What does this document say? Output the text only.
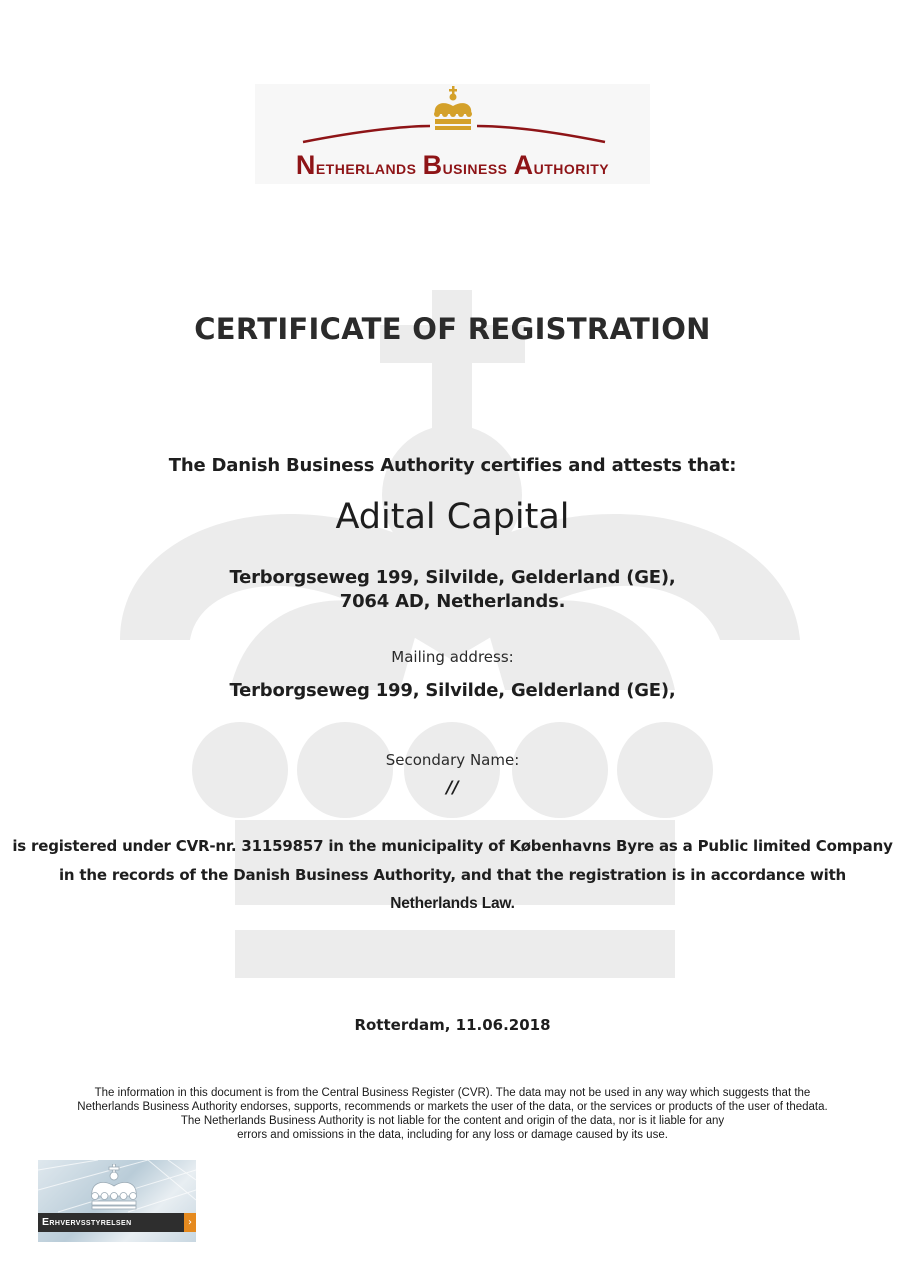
Netherlands Business Authority
CERTIFICATE OF REGISTRATION
The Danish Business Authority certifies and attests that:
Adital Capital
Terborgseweg 199, Silvilde, Gelderland (GE),
7064 AD, Netherlands.
Mailing address:
Terborgseweg 199, Silvilde, Gelderland (GE),
Secondary Name:
//
is registered under CVR-nr. 31159857 in the municipality of Københavns Byre as a Public limited Company
in the records of the Danish Business Authority, and that the registration is in accordance with
Netherlands Law.
Rotterdam, 11.06.2018
The information in this document is from the Central Business Register (CVR). The data may not be used in any way which suggests that the
Netherlands Business Authority endorses, supports, recommends or markets the user of the data, or the services or products of the user of thedata.
The Netherlands Business Authority is not liable for the content and origin of the data, nor is it liable for any
errors and omissions in the data, including for any loss or damage caused by its use.
Erhvervsstyrelsen	›
